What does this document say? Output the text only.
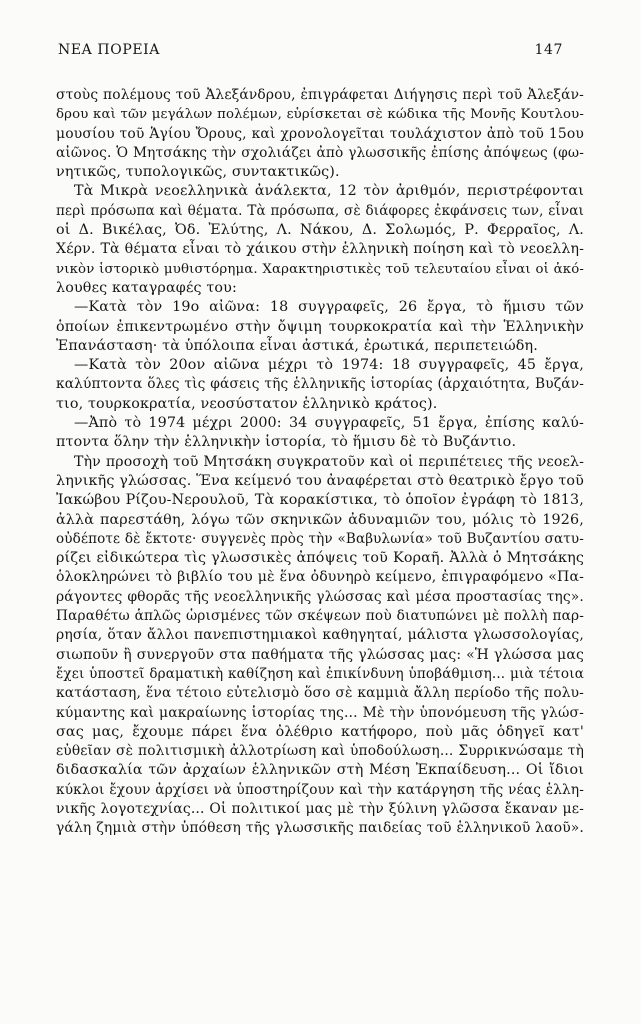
ΝΕΑ ΠΟΡΕΙΑ	147
στοὺς πολέμους τοῦ Ἀλεξάνδρου, ἐπιγράφεται Διήγησις περὶ τοῦ Ἀλεξάν-
δρου καὶ τῶν μεγάλων πολέμων, εὑρίσκεται σὲ κώδικα τῆς Μονῆς Κουτλου-
μουσίου τοῦ Ἁγίου Ὄρους, καὶ χρονολογεῖται τουλάχιστον ἀπὸ τοῦ 15ου
αἰῶνος. Ὁ Μητσάκης τὴν σχολιάζει ἀπὸ γλωσσικῆς ἐπίσης ἀπόψεως (φω-
νητικῶς, τυπολογικῶς, συντακτικῶς).
Τὰ Μικρὰ νεοελληνικὰ ἀνάλεκτα, 12 τὸν ἀριθμόν, περιστρέφονται
περὶ πρόσωπα καὶ θέματα. Τὰ πρόσωπα, σὲ διάφορες ἐκφάνσεις των, εἶναι
οἱ Δ. Βικέλας, Ὀδ. Ἐλύτης, Λ. Νάκου, Δ. Σολωμός, Ρ. Φερραῖος, Λ.
Χέρν. Τὰ θέματα εἶναι τὸ χάικου στὴν ἑλληνικὴ ποίηση καὶ τὸ νεοελλη-
νικὸν ἱστορικὸ μυθιστόρημα. Χαρακτηριστικὲς τοῦ τελευταίου εἶναι οἱ ἀκό-
λουθες καταγραφές του:
—Κατὰ τὸν 19ο αἰῶνα: 18 συγγραφεῖς, 26 ἔργα, τὸ ἥμισυ τῶν
ὁποίων ἐπικεντρωμένο στὴν ὄψιμη τουρκοκρατία καὶ τὴν Ἑλληνικὴν
Ἐπανάσταση· τὰ ὑπόλοιπα εἶναι ἀστικά, ἐρωτικά, περιπετειώδη.
—Κατὰ τὸν 20ον αἰῶνα μέχρι τὸ 1974: 18 συγγραφεῖς, 45 ἔργα,
καλύπτοντα ὅλες τὶς φάσεις τῆς ἑλληνικῆς ἱστορίας (ἀρχαιότητα, Βυζάν-
τιο, τουρκοκρατία, νεοσύστατον ἑλληνικὸ κράτος).
—Ἀπὸ τὸ 1974 μέχρι 2000: 34 συγγραφεῖς, 51 ἔργα, ἐπίσης καλύ-
πτοντα ὅλην τὴν ἑλληνικὴν ἱστορία, τὸ ἥμισυ δὲ τὸ Βυζάντιο.
Τὴν προσοχὴ τοῦ Μητσάκη συγκρατοῦν καὶ οἱ περιπέτειες τῆς νεοελ-
ληνικῆς γλώσσας. Ἕνα κείμενό του ἀναφέρεται στὸ θεατρικὸ ἔργο τοῦ
Ἰακώβου Ρίζου-Νερουλοῦ, Τὰ κορακίστικα, τὸ ὁποῖον ἐγράφη τὸ 1813,
ἀλλὰ παρεστάθη, λόγω τῶν σκηνικῶν ἀδυναμιῶν του, μόλις τὸ 1926,
οὐδέποτε δὲ ἔκτοτε· συγγενὲς πρὸς τὴν «Βαβυλωνία» τοῦ Βυζαντίου σατυ-
ρίζει εἰδικώτερα τὶς γλωσσικὲς ἀπόψεις τοῦ Κοραῆ. Ἀλλὰ ὁ Μητσάκης
ὁλοκληρώνει τὸ βιβλίο του μὲ ἕνα ὀδυνηρὸ κείμενο, ἐπιγραφόμενο «Πα-
ράγοντες φθορᾶς τῆς νεοελληνικῆς γλώσσας καὶ μέσα προστασίας της».
Παραθέτω ἁπλῶς ὡρισμένες τῶν σκέψεων ποὺ διατυπώνει μὲ πολλὴ παρ-
ρησία, ὅταν ἄλλοι πανεπιστημιακοὶ καθηγηταί, μάλιστα γλωσσολογίας,
σιωποῦν ἢ συνεργοῦν στα παθήματα τῆς γλώσσας μας: «Ἡ γλώσσα μας
ἔχει ὑποστεῖ δραματικὴ καθίζηση καὶ ἐπικίνδυνη ὑποβάθμιση... μιὰ τέτοια
κατάσταση, ἕνα τέτοιο εὐτελισμὸ ὅσο σὲ καμμιὰ ἄλλη περίοδο τῆς πολυ-
κύμαντης καὶ μακραίωνης ἱστορίας της... Μὲ τὴν ὑπονόμευση τῆς γλώσ-
σας μας, ἔχουμε πάρει ἕνα ὀλέθριο κατήφορο, ποὺ μᾶς ὁδηγεῖ κατ'
εὐθεῖαν σὲ πολιτισμικὴ ἀλλοτρίωση καὶ ὑποδούλωση... Συρρικνώσαμε τὴ
διδασκαλία τῶν ἀρχαίων ἑλληνικῶν στὴ Μέση Ἐκπαίδευση... Οἱ ἴδιοι
κύκλοι ἔχουν ἀρχίσει νὰ ὑποστηρίζουν καὶ τὴν κατάργηση τῆς νέας ἑλλη-
νικῆς λογοτεχνίας... Οἱ πολιτικοί μας μὲ τὴν ξύλινη γλῶσσα ἔκαναν με-
γάλη ζημιὰ στὴν ὑπόθεση τῆς γλωσσικῆς παιδείας τοῦ ἑλληνικοῦ λαοῦ».
